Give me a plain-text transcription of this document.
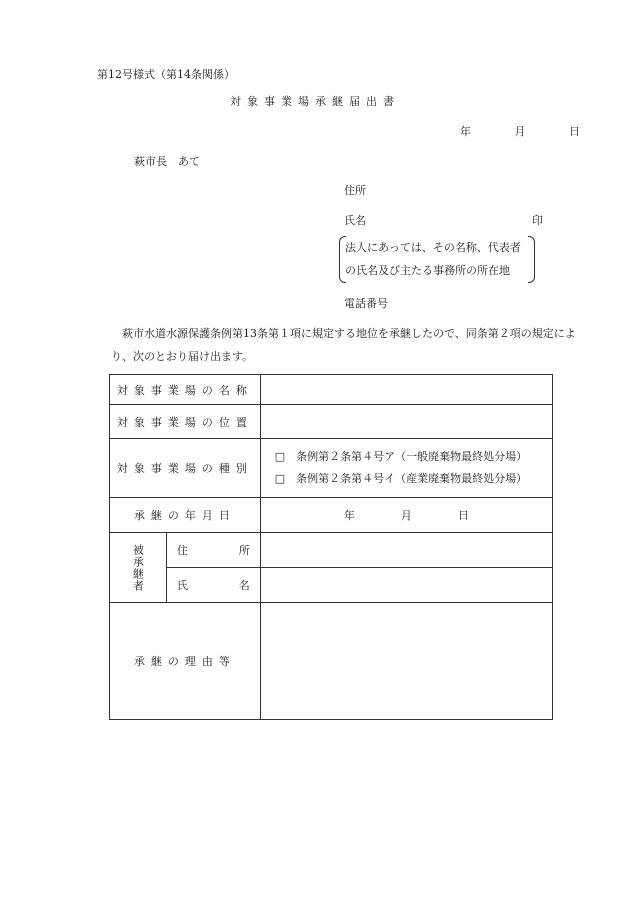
第12号様式（第14条関係）
対象事業場承継届出書
年	月	日
萩市長　あて
住所
氏名	印
法人にあっては、その名称、代表者
の氏名及び主たる事務所の所在地
電話番号
萩市水道水源保護条例第13条第１項に規定する地位を承継したので、同条第２項の規定により、次のとおり届け出ます。
対象事業場の名称		
対象事業場の位置		
対象事業場の種別		□　 条例第２条第４号ア（一般廃棄物最終処分場）
□　 条例第２条第４号イ（産業廃棄物最終処分場）

承継の年月日		年 月 日

被承継者	住 所	

	氏 名	

承継の理由等		
